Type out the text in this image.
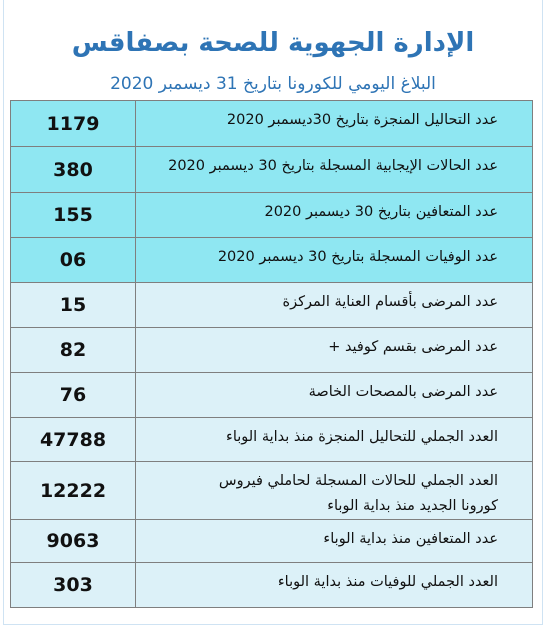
الإدارة الجهوية للصحة بصفاقس
البلاغ اليومي للكورونا بتاريخ 31 ديسمبر 2020
1179	عدد التحاليل المنجزة بتاريخ 30ديسمبر 2020
380	عدد الحالات الإيجابية المسجلة بتاريخ 30 ديسمبر 2020
155	عدد المتعافين بتاريخ 30 ديسمبر 2020
06	عدد الوفيات المسجلة بتاريخ 30 ديسمبر 2020
15	عدد المرضى بأقسام العناية المركزة
82	عدد المرضى بقسم كوفيد +
76	عدد المرضى بالمصحات الخاصة
47788	العدد الجملي للتحاليل المنجزة منذ بداية الوباء
12222	العدد الجملي للحالات المسجلة لحاملي فيروس
كورونا الجديد منذ بداية الوباء

9063	عدد المتعافين منذ بداية الوباء
303	العدد الجملي للوفيات منذ بداية الوباء
